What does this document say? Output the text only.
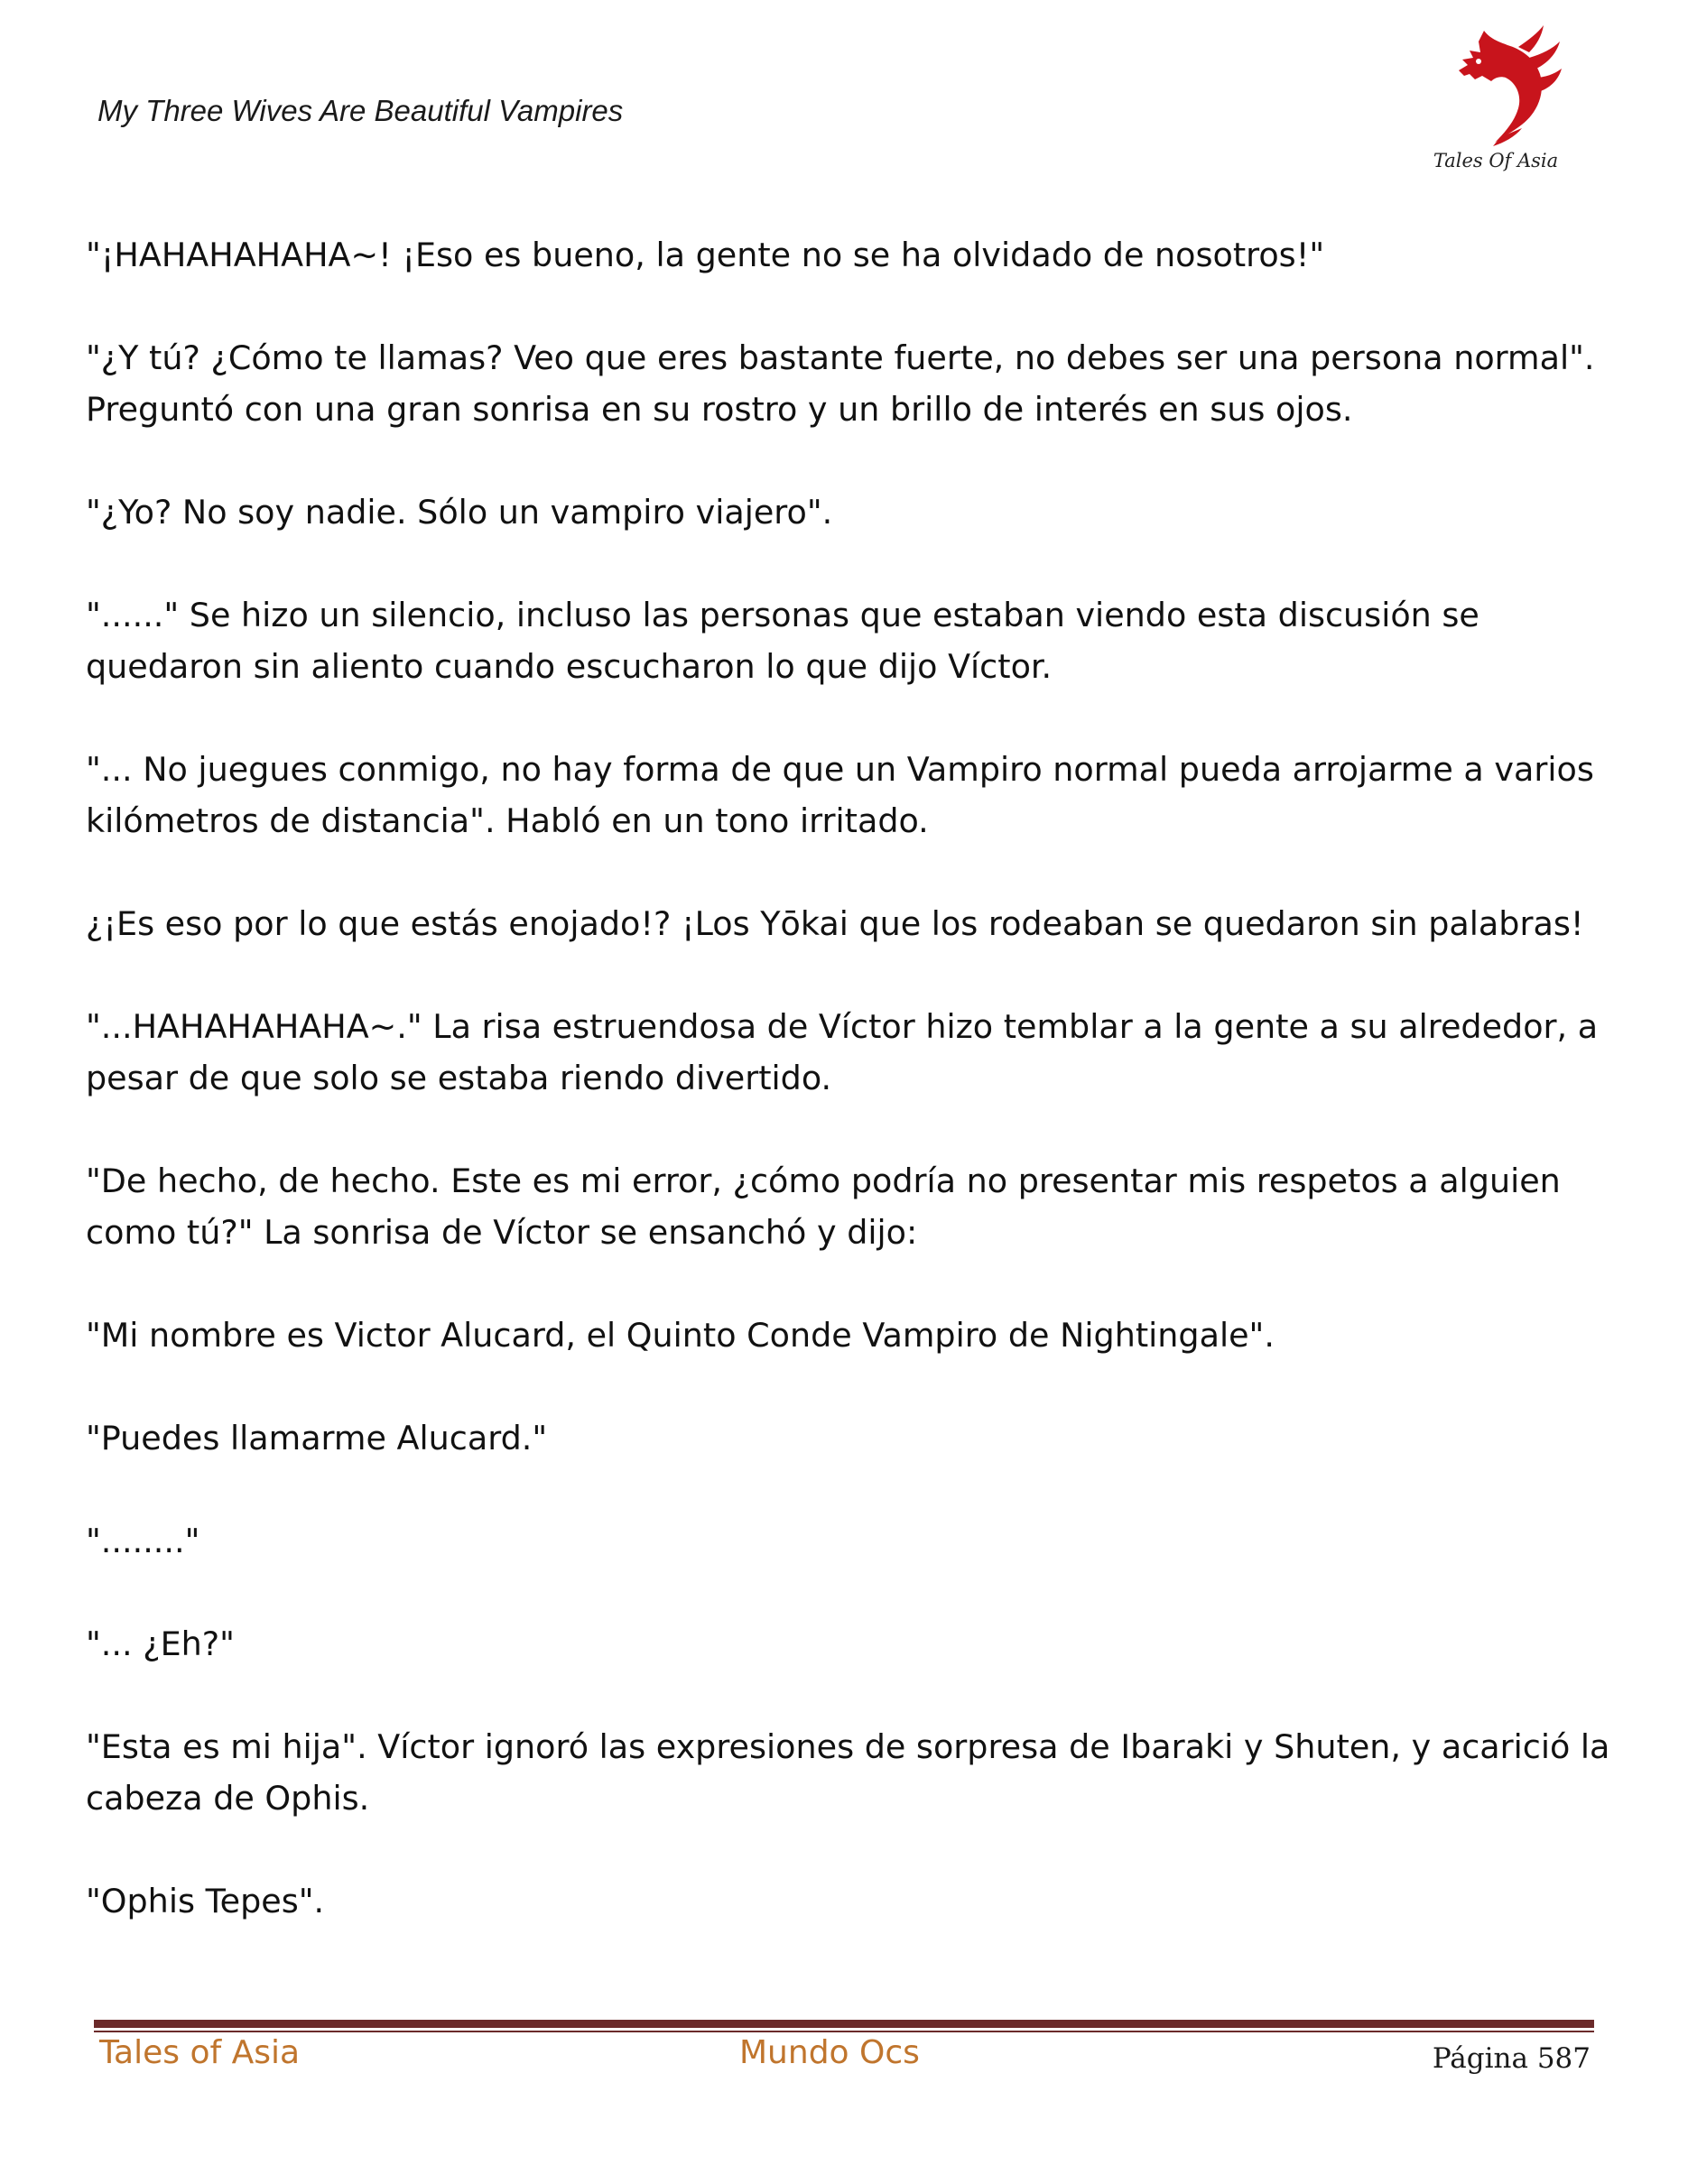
My Three Wives Are Beautiful Vampires
Tales Of Asia

"¡HAHAHAHAHA~! ¡Eso es bueno, la gente no se ha olvidado de nosotros!"

"¿Y tú? ¿Cómo te llamas? Veo que eres bastante fuerte, no debes ser una persona normal". Preguntó con una gran sonrisa en su rostro y un brillo de interés en sus ojos.

"¿Yo? No soy nadie. Sólo un vampiro viajero".

"......" Se hizo un silencio, incluso las personas que estaban viendo esta discusión se quedaron sin aliento cuando escucharon lo que dijo Víctor.

"... No juegues conmigo, no hay forma de que un Vampiro normal pueda arrojarme a varios kilómetros de distancia". Habló en un tono irritado.

¿¡Es eso por lo que estás enojado!? ¡Los Yōkai que los rodeaban se quedaron sin palabras!

"...HAHAHAHAHA~." La risa estruendosa de Víctor hizo temblar a la gente a su alrededor, a pesar de que solo se estaba riendo divertido.

"De hecho, de hecho. Este es mi error, ¿cómo podría no presentar mis respetos a alguien como tú?" La sonrisa de Víctor se ensanchó y dijo:

"Mi nombre es Victor Alucard, el Quinto Conde Vampiro de Nightingale".

"Puedes llamarme Alucard."

"........"

"... ¿Eh?"

"Esta es mi hija". Víctor ignoró las expresiones de sorpresa de Ibaraki y Shuten, y acarició la cabeza de Ophis.

"Ophis Tepes".

Tales of Asia	Mundo Ocs	Página 587
